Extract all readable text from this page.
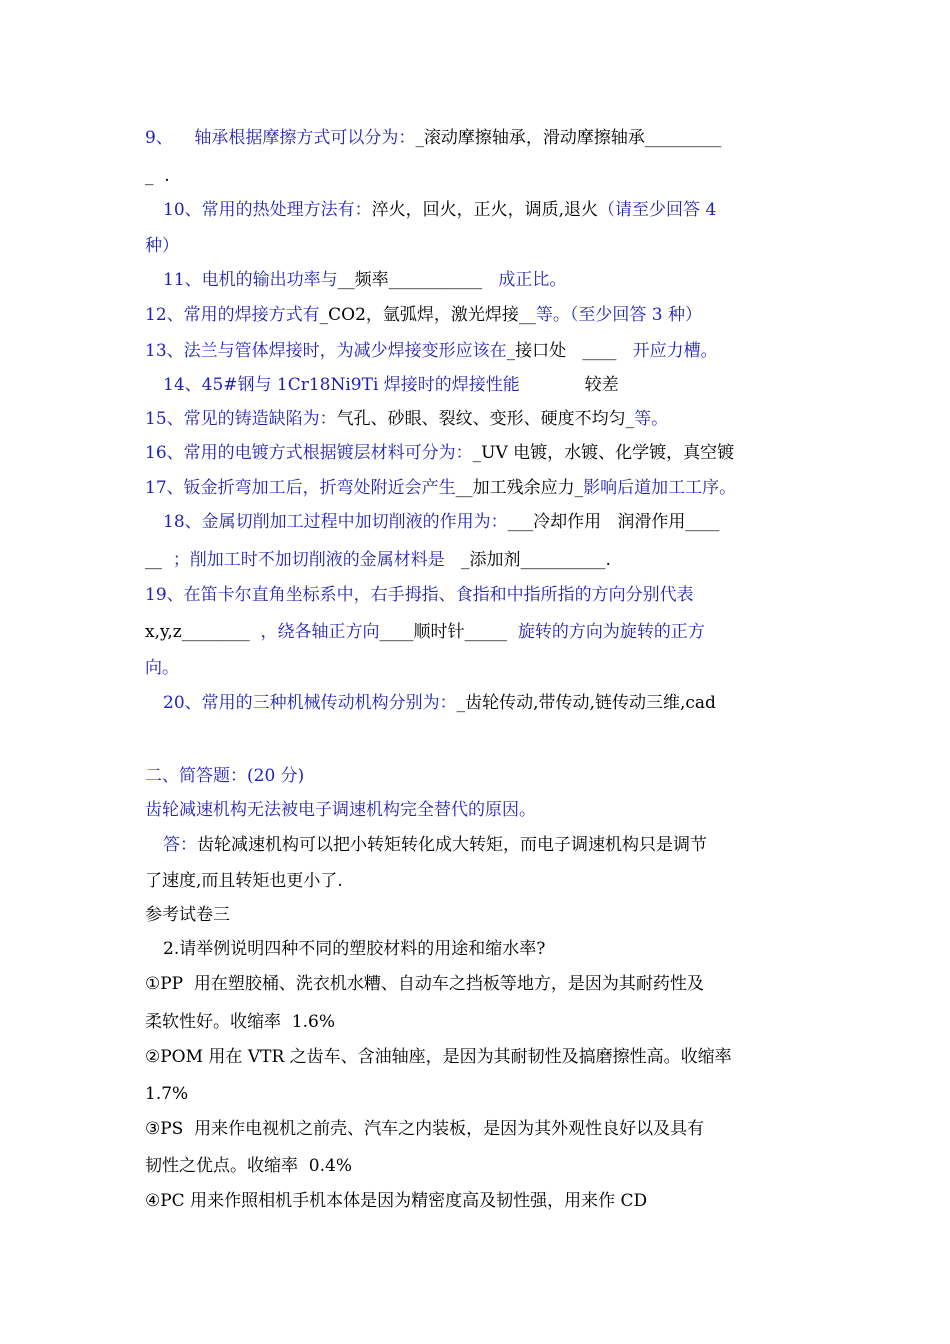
9、    轴承根据摩擦方式可以分为：_滚动摩擦轴承，滑动摩擦轴承_________
_  .
10、常用的热处理方法有：淬火，回火，正火，调质,退火（请至少回答 4
种）
11、电机的输出功率与__频率___________   成正比。
12、常用的焊接方式有_CO2，氩弧焊，激光焊接__等。（至少回答 3 种）
13、法兰与管体焊接时，为减少焊接变形应该在_接口处   ____   开应力槽。
14、45#钢与 1Cr18Ni9Ti 焊接时的焊接性能            较差
15、常见的铸造缺陷为：气孔、砂眼、裂纹、变形、硬度不均匀_等。
16、常用的电镀方式根据镀层材料可分为：_UV 电镀，水镀、化学镀，真空镀
17、钣金折弯加工后，折弯处附近会产生__加工残余应力_影响后道加工工序。
18、金属切削加工过程中加切削液的作用为：___冷却作用   润滑作用____
__  ；削加工时不加切削液的金属材料是   _添加剂__________.
19、在笛卡尔直角坐标系中，右手拇指、食指和中指所指的方向分别代表
x,y,z________  ，绕各轴正方向____顺时针_____  旋转的方向为旋转的正方
向。
20、常用的三种机械传动机构分别为：_齿轮传动,带传动,链传动三维,cad
二、简答题：(20 分)
齿轮减速机构无法被电子调速机构完全替代的原因。
答：齿轮减速机构可以把小转矩转化成大转矩，而电子调速机构只是调节
了速度,而且转矩也更小了.
参考试卷三
2.请举例说明四种不同的塑胶材料的用途和缩水率?
①PP  用在塑胶桶、洗衣机水糟、自动车之挡板等地方，是因为其耐药性及
柔软性好。收缩率  1.6%
②POM 用在 VTR 之齿车、含油轴座，是因为其耐韧性及搞磨擦性高。收缩率
1.7%
③PS  用来作电视机之前壳、汽车之内装板，是因为其外观性良好以及具有
韧性之优点。收缩率  0.4%
④PC 用来作照相机手机本体是因为精密度高及韧性强，用来作 CD
